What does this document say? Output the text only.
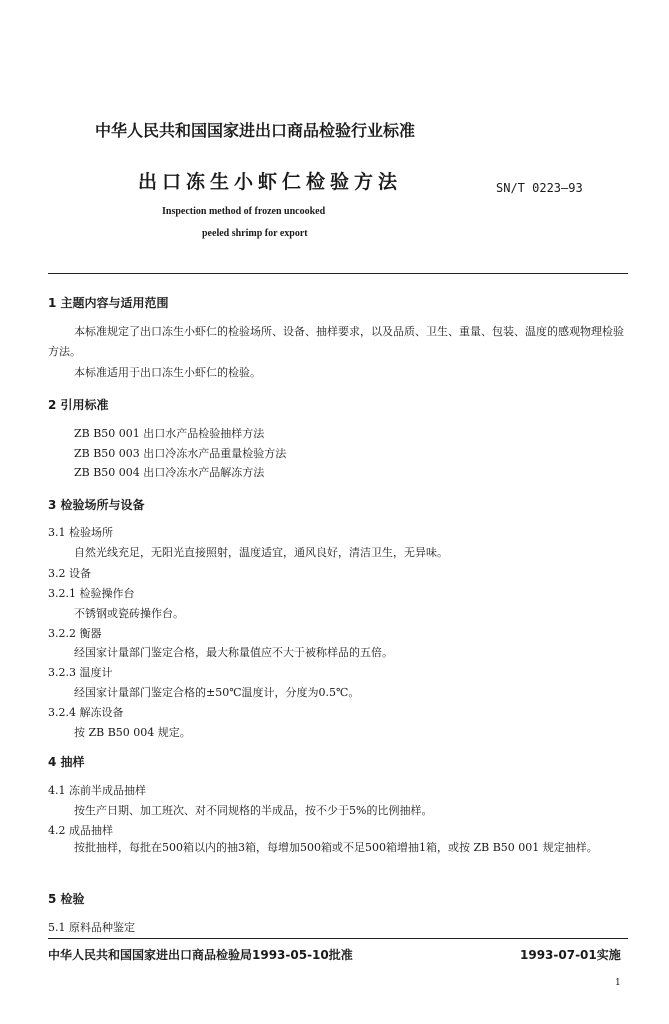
中华人民共和国国家进出口商品检验行业标准
出口冻生小虾仁检验方法	SN/T 0223—93
Inspection method of frozen uncooked
peeled shrimp for export
1 主题内容与适用范围
本标准规定了出口冻生小虾仁的检验场所、设备、抽样要求，以及品质、卫生、重量、包装、温度的感观物理检验方法。
本标准适用于出口冻生小虾仁的检验。
2 引用标准
ZB B50 001 出口水产品检验抽样方法
ZB B50 003 出口冷冻水产品重量检验方法
ZB B50 004 出口冷冻水产品解冻方法
3 检验场所与设备
3.1 检验场所
自然光线充足，无阳光直接照射，温度适宜，通风良好，清洁卫生，无异味。
3.2 设备
3.2.1 检验操作台
不锈钢或瓷砖操作台。
3.2.2 衡器
经国家计量部门鉴定合格，最大称量值应不大于被称样品的五倍。
3.2.3 温度计
经国家计量部门鉴定合格的±50℃温度计，分度为0.5℃。
3.2.4 解冻设备
按 ZB B50 004 规定。
4 抽样
4.1 冻前半成品抽样
按生产日期、加工班次、对不同规格的半成品，按不少于5%的比例抽样。
4.2 成品抽样
按批抽样，每批在500箱以内的抽3箱，每增加500箱或不足500箱增抽1箱，或按 ZB B50 001 规定抽样。
5 检验
5.1 原料品种鉴定
中华人民共和国国家进出口商品检验局1993-05-10批准	1993-07-01实施
1
